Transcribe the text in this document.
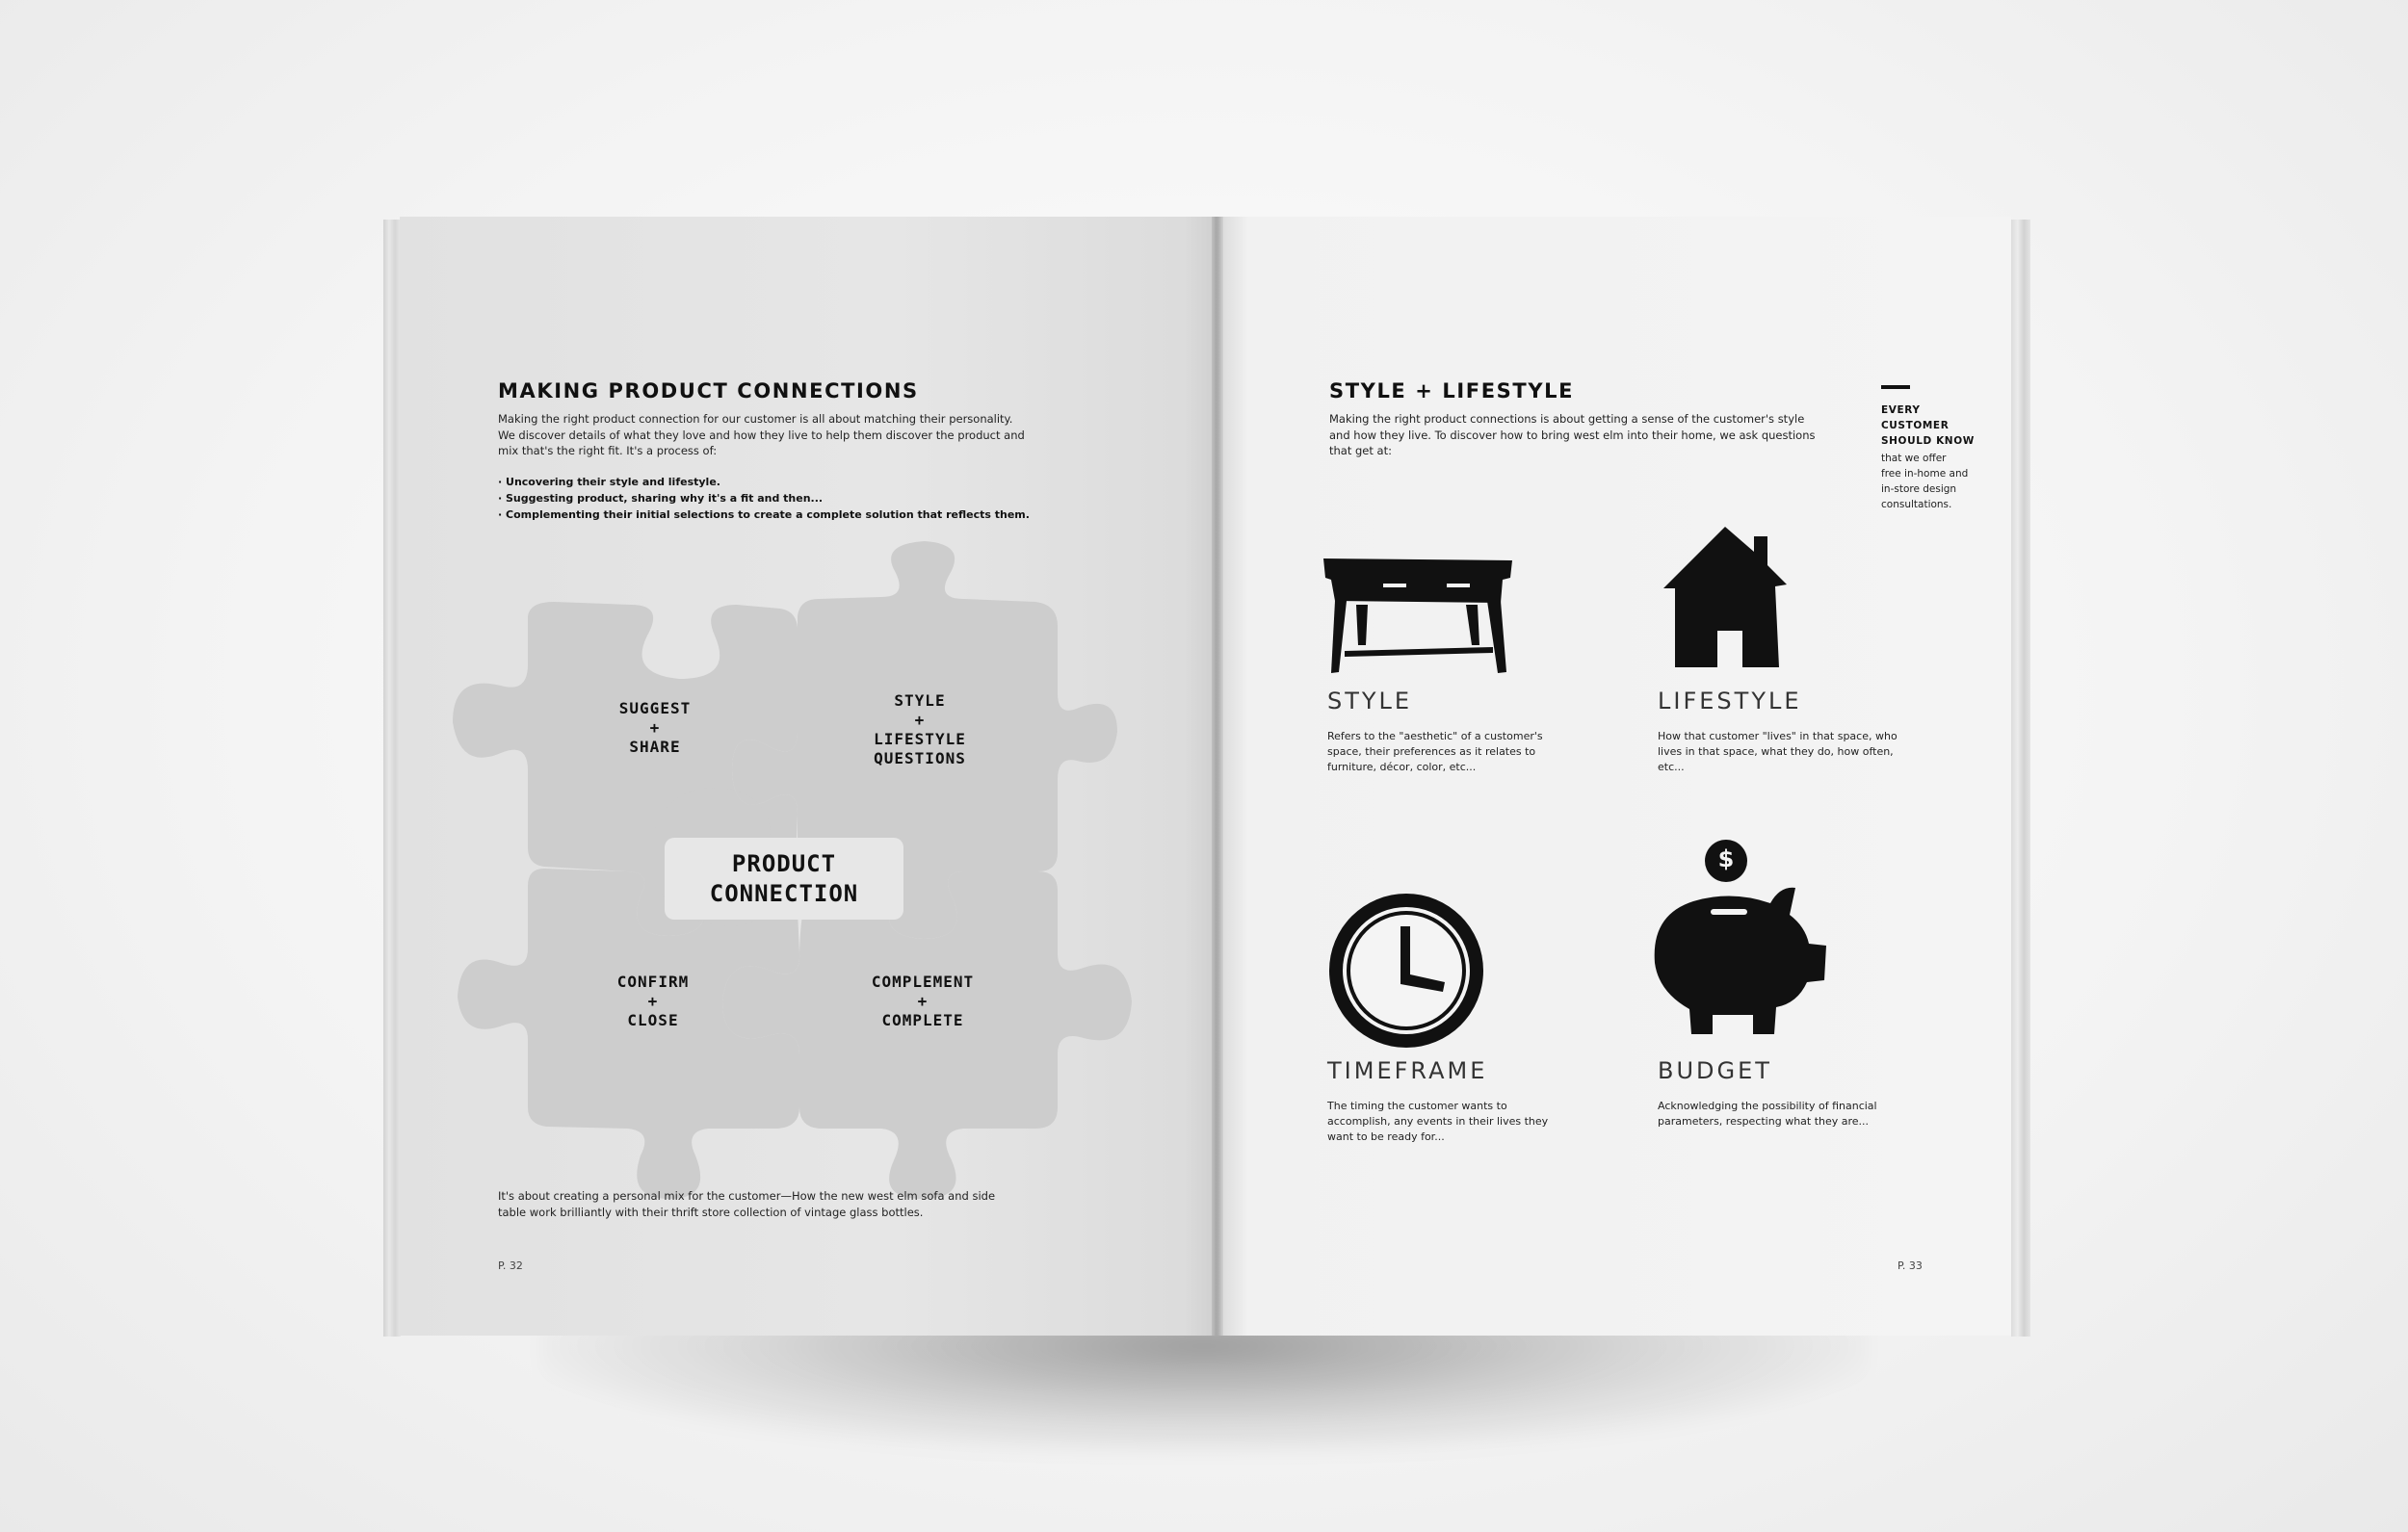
MAKING PRODUCT CONNECTIONS
Making the right product connection for our customer is all about matching their personality. We discover details of what they love and how they live to help them discover the product and mix that's the right fit. It's a process of:

· Uncovering their style and lifestyle.

· Suggesting product, sharing why it's a fit and then...

· Complementing their initial selections to create a complete solution that reflects them.

SUGGEST
+
SHARE
STYLE
+
LIFESTYLE
QUESTIONS
CONFIRM
+
CLOSE
COMPLEMENT
+
COMPLETE
PRODUCT
CONNECTION
It's about creating a personal mix for the customer—How the new west elm sofa and side table work brilliantly with their thrift store collection of vintage glass bottles.
P. 32
STYLE + LIFESTYLE
Making the right product connections is about getting a sense of the customer's style and how they live. To discover how to bring west elm into their home, we ask questions that get at:
EVERY
CUSTOMER
SHOULD KNOW
that we offer
free in-home and
in-store design
consultations.
$
STYLE
Refers to the "aesthetic" of a customer's space, their preferences as it relates to furniture, décor, color, etc...
LIFESTYLE
How that customer "lives" in that space, who lives in that space, what they do, how often, etc...
TIMEFRAME
The timing the customer wants to accomplish, any events in their lives they want to be ready for...
BUDGET
Acknowledging the possibility of financial parameters, respecting what they are...
P. 33
